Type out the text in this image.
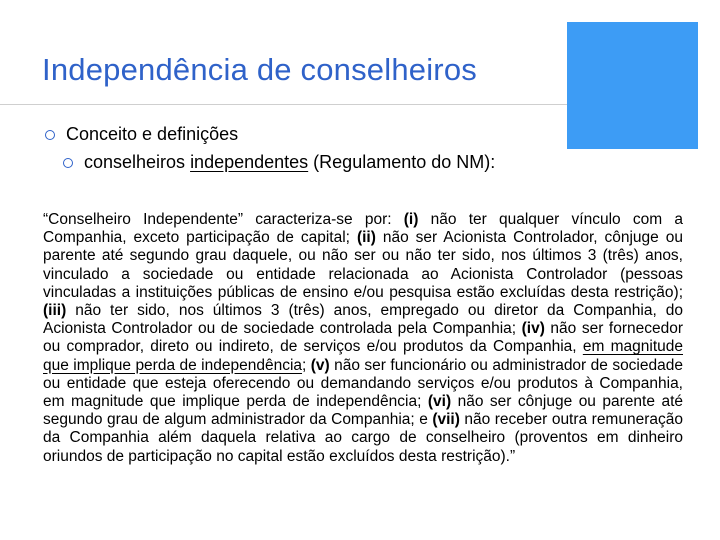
Independência de conselheiros
Conceito e definições
conselheiros independentes (Regulamento do NM):

“Conselheiro Independente” caracteriza-se por: (i) não ter qualquer vínculo com a Companhia, exceto participação de capital; (ii) não ser Acionista Controlador, cônjuge ou parente até segundo grau daquele, ou não ser ou não ter sido, nos últimos 3 (três) anos, vinculado a sociedade ou entidade relacionada ao Acionista Controlador (pessoas vinculadas a instituições públicas de ensino e/ou pesquisa estão excluídas desta restrição); (iii) não ter sido, nos últimos 3 (três) anos, empregado ou diretor da Companhia, do Acionista Controlador ou de sociedade controlada pela Companhia; (iv) não ser fornecedor ou comprador, direto ou indireto, de serviços e/ou produtos da Companhia, em magnitude que implique perda de independência; (v) não ser funcionário ou administrador de sociedade ou entidade que esteja oferecendo ou demandando serviços e/ou produtos à Companhia, em magnitude que implique perda de independência; (vi) não ser cônjuge ou parente até segundo grau de algum administrador da Companhia; e (vii) não receber outra remuneração da Companhia além daquela relativa ao cargo de conselheiro (proventos em dinheiro oriundos de participação no capital estão excluídos desta restrição).”
